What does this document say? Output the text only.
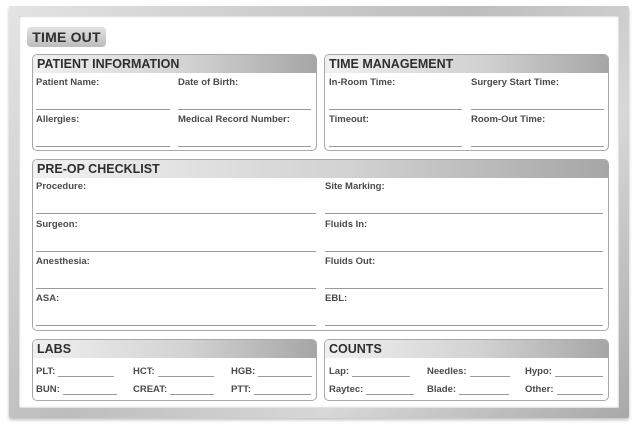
TIME OUT
PATIENT INFORMATION
Patient Name:	Date of Birth:
Allergies:	Medical Record Number:
TIME MANAGEMENT
In-Room Time:	Surgery Start Time:
Timeout:	Room-Out Time:
PRE-OP CHECKLIST
Procedure:	Site Marking:
Surgeon:	Fluids In:
Anesthesia:	Fluids Out:
ASA:	EBL:
LABS
PLT:	HCT:	HGB:
BUN:	CREAT:	PTT:
COUNTS
Lap:	Needles:	Hypo:
Raytec:	Blade:	Other:
